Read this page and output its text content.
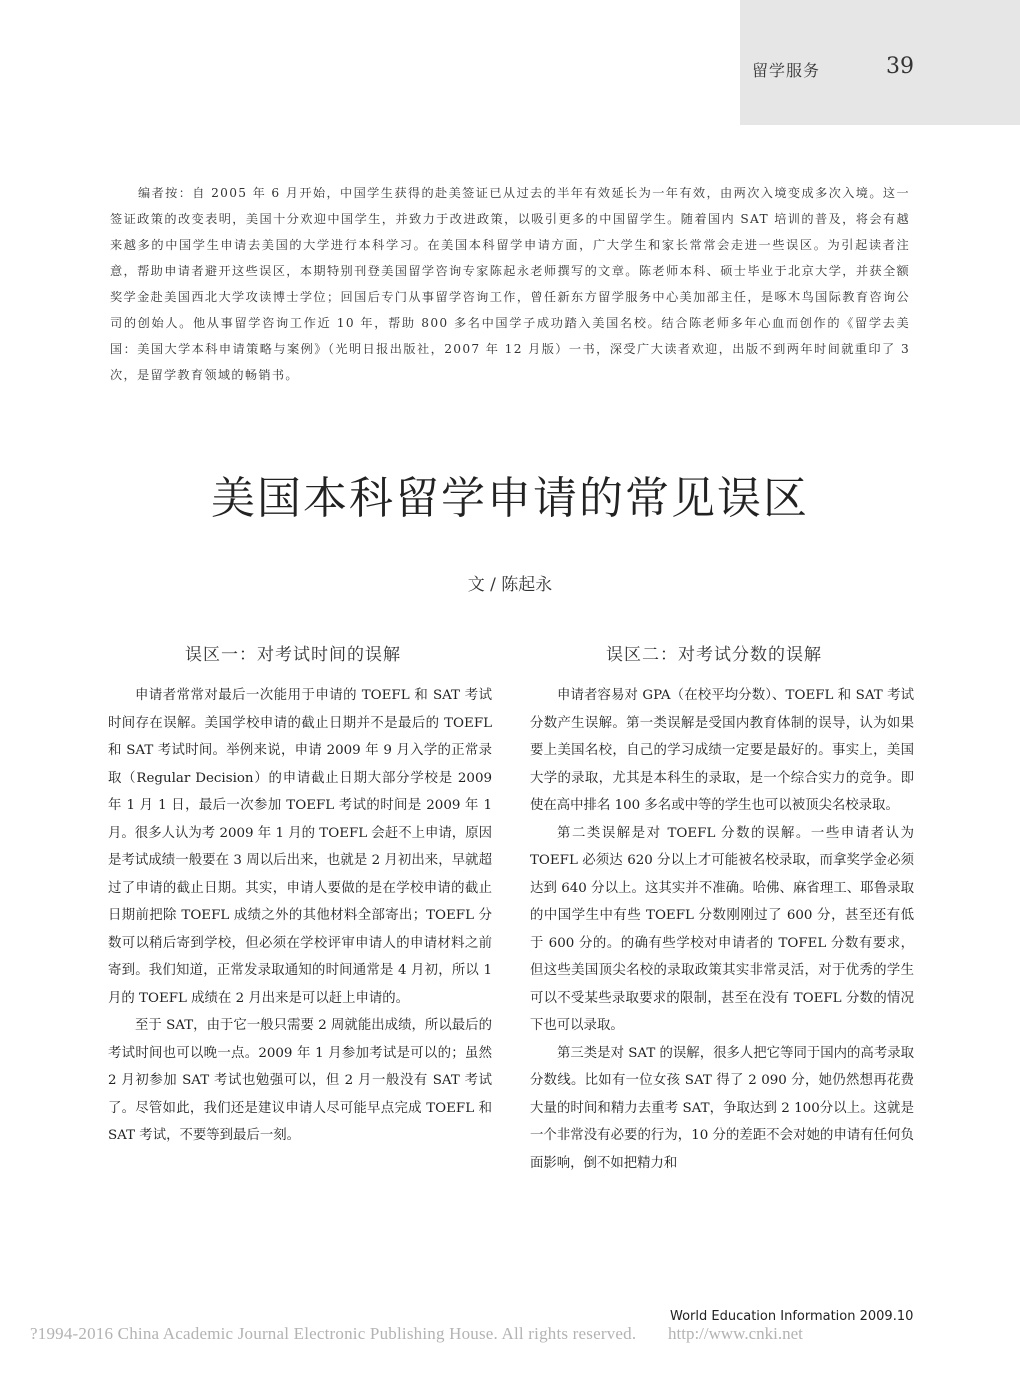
留学服务	39
编者按：自 2005 年 6 月开始，中国学生获得的赴美签证已从过去的半年有效延长为一年有效，由两次入境变成多次入境。这一签证政策的改变表明，美国十分欢迎中国学生，并致力于改进政策，以吸引更多的中国留学生。随着国内 SAT 培训的普及，将会有越来越多的中国学生申请去美国的大学进行本科学习。在美国本科留学申请方面，广大学生和家长常常会走进一些误区。为引起读者注意，帮助申请者避开这些误区，本期特别刊登美国留学咨询专家陈起永老师撰写的文章。陈老师本科、硕士毕业于北京大学，并获全额奖学金赴美国西北大学攻读博士学位；回国后专门从事留学咨询工作，曾任新东方留学服务中心美加部主任，是啄木鸟国际教育咨询公司的创始人。他从事留学咨询工作近 10 年，帮助 800 多名中国学子成功踏入美国名校。结合陈老师多年心血而创作的《留学去美国：美国大学本科申请策略与案例》（光明日报出版社，2007 年 12 月版）一书，深受广大读者欢迎，出版不到两年时间就重印了 3 次，是留学教育领域的畅销书。
美国本科留学申请的常见误区
文 / 陈起永
误区一：对考试时间的误解	误区二：对考试分数的误解

申请者常常对最后一次能用于申请的 TOEFL 和 SAT 考试时间存在误解。美国学校申请的截止日期并不是最后的 TOEFL 和 SAT 考试时间。举例来说，申请 2009 年 9 月入学的正常录取（Regular Decision）的申请截止日期大部分学校是 2009 年 1 月 1 日，最后一次参加 TOEFL 考试的时间是 2009 年 1 月。很多人认为考 2009 年 1 月的 TOEFL 会赶不上申请，原因是考试成绩一般要在 3 周以后出来，也就是 2 月初出来，早就超过了申请的截止日期。其实，申请人要做的是在学校申请的截止日期前把除 TOEFL 成绩之外的其他材料全部寄出；TOEFL 分数可以稍后寄到学校，但必须在学校评审申请人的申请材料之前寄到。我们知道，正常发录取通知的时间通常是 4 月初，所以 1 月的 TOEFL 成绩在 2 月出来是可以赶上申请的。

至于 SAT，由于它一般只需要 2 周就能出成绩，所以最后的考试时间也可以晚一点。2009 年 1 月参加考试是可以的；虽然 2 月初参加 SAT 考试也勉强可以，但 2 月一般没有 SAT 考试了。尽管如此，我们还是建议申请人尽可能早点完成 TOEFL 和 SAT 考试，不要等到最后一刻。

申请者容易对 GPA（在校平均分数）、TOEFL 和 SAT 考试分数产生误解。第一类误解是受国内教育体制的误导，认为如果要上美国名校，自己的学习成绩一定要是最好的。事实上，美国大学的录取，尤其是本科生的录取，是一个综合实力的竞争。即使在高中排名 100 多名或中等的学生也可以被顶尖名校录取。

第二类误解是对 TOEFL 分数的误解。一些申请者认为 TOEFL 必须达 620 分以上才可能被名校录取，而拿奖学金必须达到 640 分以上。这其实并不准确。哈佛、麻省理工、耶鲁录取的中国学生中有些 TOEFL 分数刚刚过了 600 分，甚至还有低于 600 分的。的确有些学校对申请者的 TOFEL 分数有要求，但这些美国顶尖名校的录取政策其实非常灵活，对于优秀的学生可以不受某些录取要求的限制，甚至在没有 TOEFL 分数的情况下也可以录取。

第三类是对 SAT 的误解，很多人把它等同于国内的高考录取分数线。比如有一位女孩 SAT 得了 2 090 分，她仍然想再花费大量的时间和精力去重考 SAT，争取达到 2 100分以上。这就是一个非常没有必要的行为，10 分的差距不会对她的申请有任何负面影响，倒不如把精力和

World Education Information 2009.10
?1994-2016 China Academic Journal Electronic Publishing House. All rights reserved. http://www.cnki.net
